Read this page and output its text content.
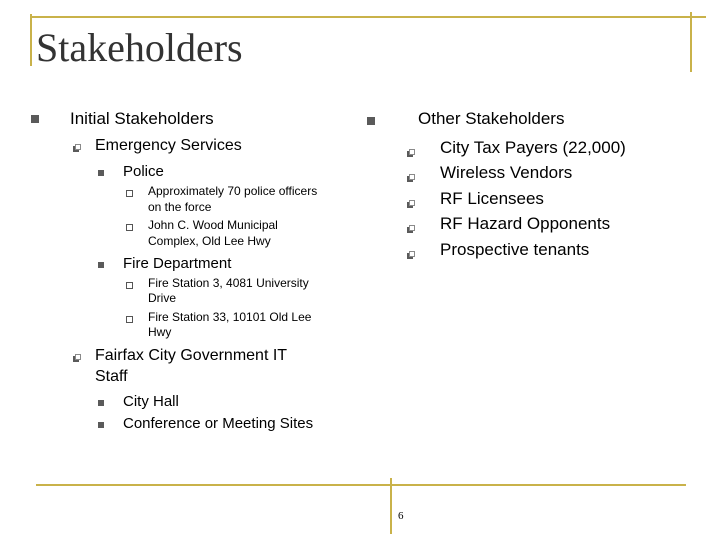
Stakeholders
Initial Stakeholders
Emergency Services
Police
Approximately 70 police officers
on the force
John C. Wood Municipal
Complex, Old Lee Hwy
Fire Department
Fire Station 3, 4081 University
Drive
Fire Station 33, 10101 Old Lee
Hwy
Fairfax City Government IT
Staff
City Hall
Conference or Meeting Sites
Other Stakeholders
City Tax Payers (22,000)
Wireless Vendors
RF Licensees
RF Hazard Opponents
Prospective tenants
6
